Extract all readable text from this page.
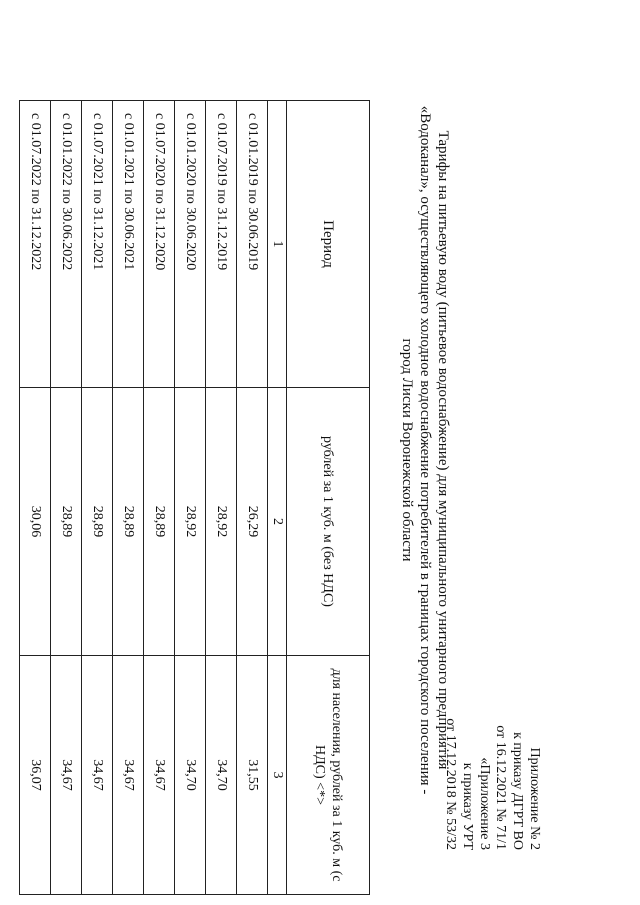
Приложение № 2
к приказу ДГРТ ВО
от 16.12.2021 № 71/1
«Приложение 3
к приказу УРТ
от 17.12.2018 № 53/32
Тарифы на питьевую воду (питьевое водоснабжение) для муниципального унитарного предприятия
«Водоканал», осуществляющего холодное водоснабжение потребителей в границах городского поселения -
город Лиски Воронежской области
Период	рублей за 1 куб. м (без НДС)	для населения, рублей за 1 куб. м (с НДС) <*>
1	2	3
с 01.01.2019 по 30.06.2019	26,29	31,55
с 01.07.2019 по 31.12.2019	28,92	34,70
с 01.01.2020 по 30.06.2020	28,92	34,70
с 01.07.2020 по 31.12.2020	28,89	34,67
с 01.01.2021 по 30.06.2021	28,89	34,67
с 01.07.2021 по 31.12.2021	28,89	34,67
с 01.01.2022 по 30.06.2022	28,89	34,67
с 01.07.2022 по 31.12.2022	30,06	36,07
